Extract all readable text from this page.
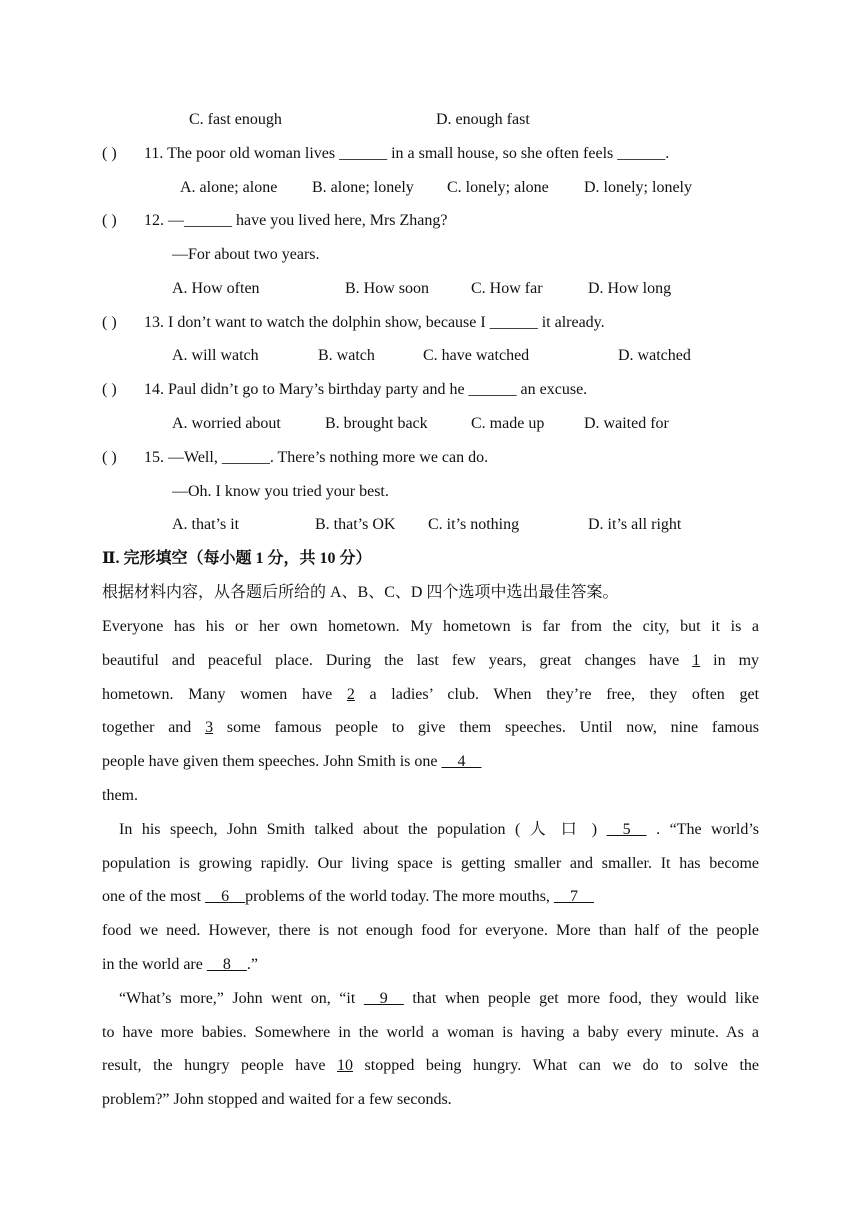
C. fast enough	D. enough fast
( ) 11. The poor old woman lives ______ in a small house, so she often feels ______.
A. alone; alone B. alone; lonely C. lonely; alone D. lonely; lonely
( ) 12. —______ have you lived here, Mrs Zhang?
—For about two years.
A. How often	B. How soon	C. How far	D. How long
( ) 13. I don’t want to watch the dolphin show, because I ______ it already.
A. will watch	B. watch	C. have watched	D. watched
( ) 14. Paul didn’t go to Mary’s birthday party and he ______ an excuse.
A. worried about	B. brought back	C. made up D. waited for
( ) 15. —Well, ______. There’s nothing more we can do.
—Oh. I know you tried your best.
A. that’s it	B. that’s OK C. it’s nothing	D. it’s all right
Ⅱ. 完形填空（每小题 1 分，共 10 分）
根据材料内容，从各题后所给的 A、B、C、D 四个选项中选出最佳答案。
Everyone has his or her own hometown. My hometown is far from the city, but it is a
beautiful and peaceful place. During the last few years, great changes have 1 in my
hometown. Many women have 2 a ladies’ club. When they’re free, they often get
together and 3 some famous people to give them speeches. Until now, nine famous
people have given them speeches. John Smith is one     4
them.
In his speech, John Smith talked about the population ( 人 口 )     5     . “The world’s
population is growing rapidly. Our living space is getting smaller and smaller. It has become
one of the most     6    problems of the world today. The more mouths,     7
food we need. However, there is not enough food for everyone. More than half of the people
in the world are     8    .”
“What’s more,” John went on, “it     9     that when people get more food, they would like
to have more babies. Somewhere in the world a woman is having a baby every minute. As a
result, the hungry people have 10 stopped being hungry. What can we do to solve the
problem?” John stopped and waited for a few seconds.
